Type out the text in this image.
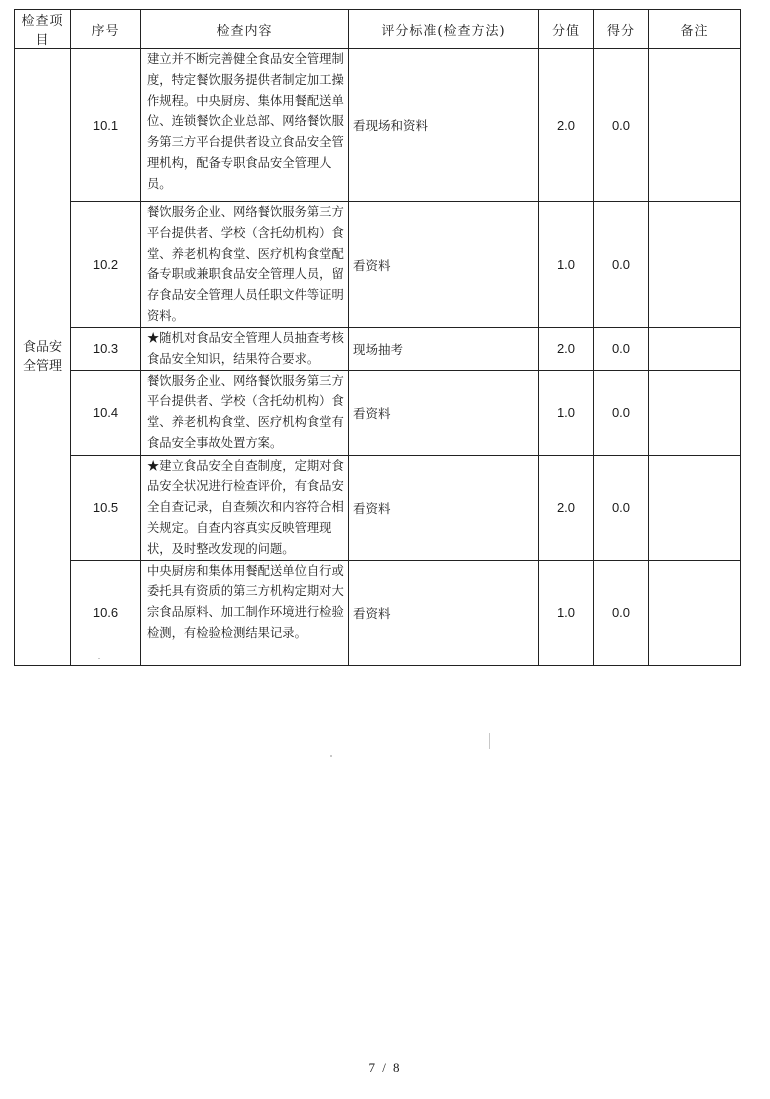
检查项目	序号	检查内容	评分标准(检查方法)	分值	得分	备注
食品安全管理	10.1	建立并不断完善健全食品安全管理制度，特定餐饮服务提供者制定加工操作规程。中央厨房、集体用餐配送单位、连锁餐饮企业总部、网络餐饮服务第三方平台提供者设立食品安全管理机构，配备专职食品安全管理人员。	看现场和资料	2.0	0.0	
	10.2	餐饮服务企业、网络餐饮服务第三方平台提供者、学校（含托幼机构）食堂、养老机构食堂、医疗机构食堂配备专职或兼职食品安全管理人员，留存食品安全管理人员任职文件等证明资料。	看资料	1.0	0.0	
	10.3	★随机对食品安全管理人员抽查考核食品安全知识，结果符合要求。	现场抽考	2.0	0.0	
	10.4	餐饮服务企业、网络餐饮服务第三方平台提供者、学校（含托幼机构）食堂、养老机构食堂、医疗机构食堂有食品安全事故处置方案。	看资料	1.0	0.0	
	10.5	★建立食品安全自查制度，定期对食品安全状况进行检查评价，有食品安全自查记录，自查频次和内容符合相关规定。自查内容真实反映管理现状，及时整改发现的问题。	看资料	2.0	0.0	
	10.6	中央厨房和集体用餐配送单位自行或委托具有资质的第三方机构定期对大宗食品原料、加工制作环境进行检验检测，有检验检测结果记录。	看资料	1.0	0.0	
7 / 8
